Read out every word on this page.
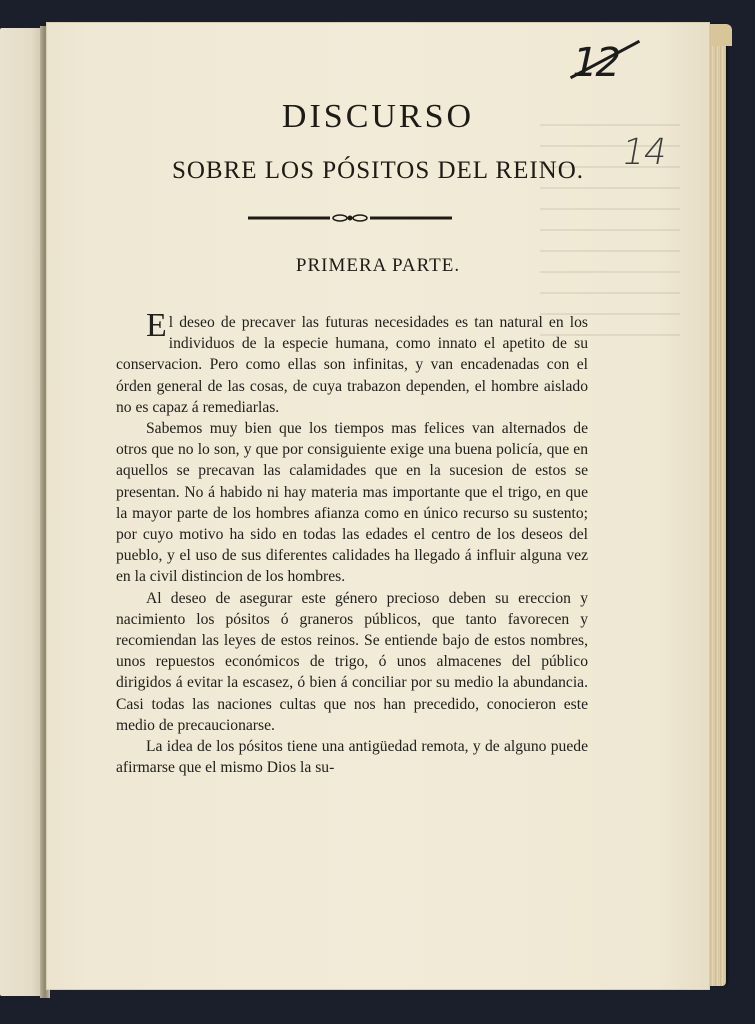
14
DISCURSO
SOBRE LOS PÓSITOS DEL REINO.
PRIMERA PARTE.

El deseo de precaver las futuras necesidades es tan natural en los individuos de la especie humana, como innato el apetito de su conservacion. Pero como ellas son infinitas, y van encadenadas con el órden general de las cosas, de cuya trabazon dependen, el hombre aislado no es capaz á remediarlas.

Sabemos muy bien que los tiempos mas felices van alternados de otros que no lo son, y que por consiguiente exige una buena policía, que en aquellos se precavan las calamidades que en la sucesion de estos se presentan. No á habido ni hay materia mas importante que el trigo, en que la mayor parte de los hombres afianza como en único recurso su sustento; por cuyo motivo ha sido en todas las edades el centro de los deseos del pueblo, y el uso de sus diferentes calidades ha llegado á influir alguna vez en la civil distincion de los hombres.

Al deseo de asegurar este género precioso deben su ereccion y nacimiento los pósitos ó graneros públicos, que tanto favorecen y recomiendan las leyes de estos reinos. Se entiende bajo de estos nombres, unos repuestos económicos de trigo, ó unos almacenes del público dirigidos á evitar la escasez, ó bien á conciliar por su medio la abundancia. Casi todas las naciones cultas que nos han precedido, conocieron este medio de precaucionarse.

La idea de los pósitos tiene una antigüedad remota, y de alguno puede afirmarse que el mismo Dios la su-
